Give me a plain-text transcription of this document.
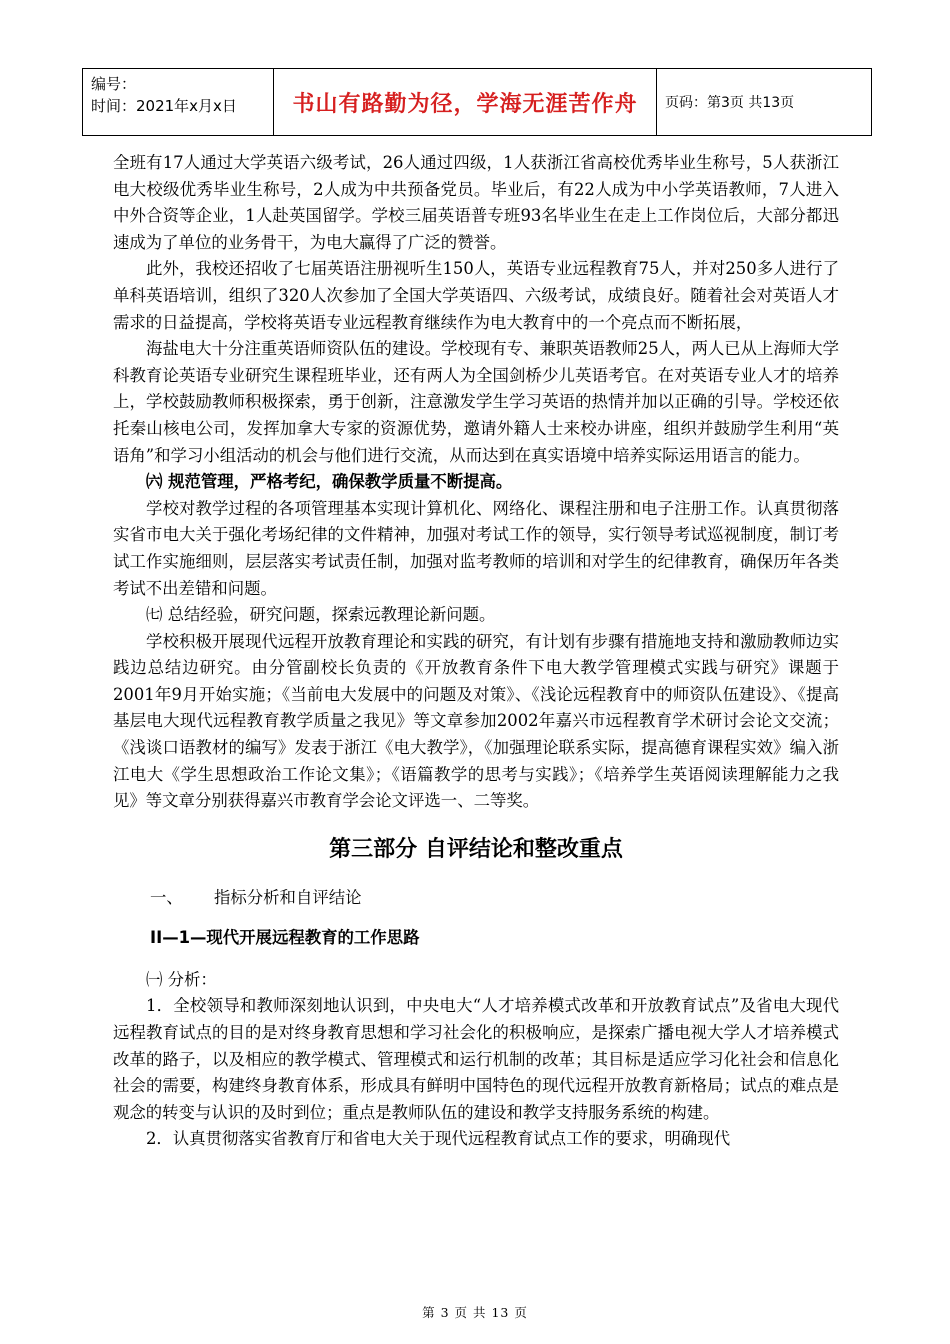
编号：
时间：2021年x月x日	书山有路勤为径，学海无涯苦作舟 页码：第3页 共13页

全班有17人通过大学英语六级考试，26人通过四级，1人获浙江省高校优秀毕业生称号，5人获浙江电大校级优秀毕业生称号，2人成为中共预备党员。毕业后，有22人成为中小学英语教师，7人进入中外合资等企业，1人赴英国留学。学校三届英语普专班93名毕业生在走上工作岗位后，大部分都迅速成为了单位的业务骨干，为电大赢得了广泛的赞誉。

此外，我校还招收了七届英语注册视听生150人，英语专业远程教育75人，并对250多人进行了单科英语培训，组织了320人次参加了全国大学英语四、六级考试，成绩良好。随着社会对英语人才需求的日益提高，学校将英语专业远程教育继续作为电大教育中的一个亮点而不断拓展，

海盐电大十分注重英语师资队伍的建设。学校现有专、兼职英语教师25人，两人已从上海师大学科教育论英语专业研究生课程班毕业，还有两人为全国剑桥少儿英语考官。在对英语专业人才的培养上，学校鼓励教师积极探索，勇于创新，注意激发学生学习英语的热情并加以正确的引导。学校还依托秦山核电公司，发挥加拿大专家的资源优势，邀请外籍人士来校办讲座，组织并鼓励学生利用“英语角”和学习小组活动的机会与他们进行交流，从而达到在真实语境中培养实际运用语言的能力。

㈥ 规范管理，严格考纪，确保教学质量不断提高。

学校对教学过程的各项管理基本实现计算机化、网络化、课程注册和电子注册工作。认真贯彻落实省市电大关于强化考场纪律的文件精神，加强对考试工作的领导，实行领导考试巡视制度，制订考试工作实施细则，层层落实考试责任制，加强对监考教师的培训和对学生的纪律教育，确保历年各类考试不出差错和问题。

㈦ 总结经验，研究问题，探索远教理论新问题。

学校积极开展现代远程开放教育理论和实践的研究，有计划有步骤有措施地支持和激励教师边实践边总结边研究。由分管副校长负责的《开放教育条件下电大教学管理模式实践与研究》课题于2001年9月开始实施；《当前电大发展中的问题及对策》、《浅论远程教育中的师资队伍建设》、《提高基层电大现代远程教育教学质量之我见》等文章参加2002年嘉兴市远程教育学术研讨会论文交流；《浅谈口语教材的编写》发表于浙江《电大教学》，《加强理论联系实际，提高德育课程实效》编入浙江电大《学生思想政治工作论文集》；《语篇教学的思考与实践》；《培养学生英语阅读理解能力之我见》等文章分别获得嘉兴市教育学会论文评选一、二等奖。

第三部分 自评结论和整改重点
一、 指标分析和自评结论
II—1—现代开展远程教育的工作思路

㈠ 分析：

1．全校领导和教师深刻地认识到，中央电大“人才培养模式改革和开放教育试点”及省电大现代远程教育试点的目的是对终身教育思想和学习社会化的积极响应，是探索广播电视大学人才培养模式改革的路子，以及相应的教学模式、管理模式和运行机制的改革；其目标是适应学习化社会和信息化社会的需要，构建终身教育体系，形成具有鲜明中国特色的现代远程开放教育新格局；试点的难点是观念的转变与认识的及时到位；重点是教师队伍的建设和教学支持服务系统的构建。

2．认真贯彻落实省教育厅和省电大关于现代远程教育试点工作的要求，明确现代

第 3 页 共 13 页
